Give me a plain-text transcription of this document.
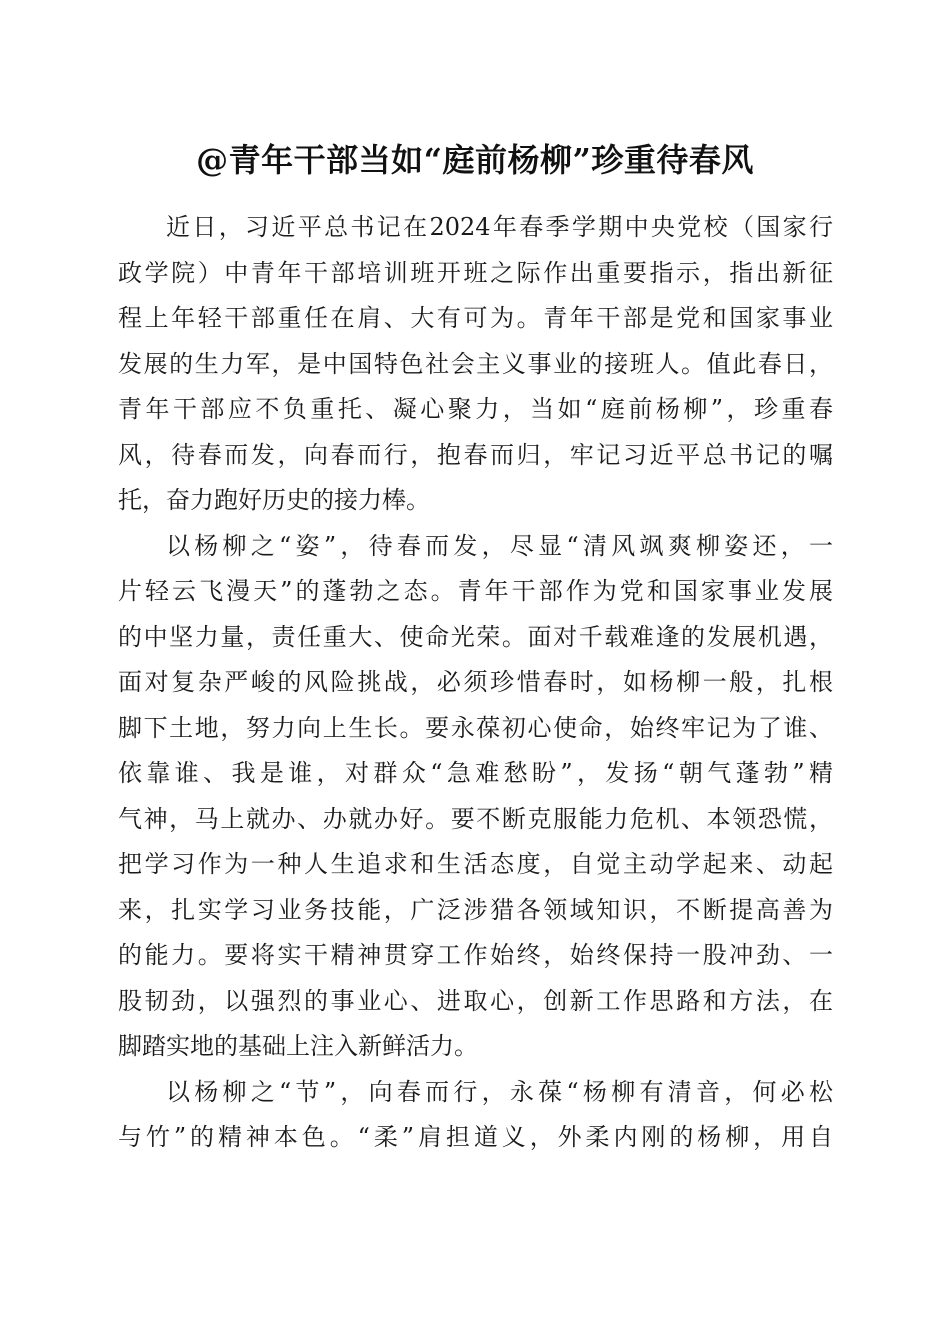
@青年干部当如“庭前杨柳”珍重待春风
近日，习近平总书记在2024年春季学期中央党校（国家行
政学院）中青年干部培训班开班之际作出重要指示，指出新征
程上年轻干部重任在肩、大有可为。青年干部是党和国家事业
发展的生力军，是中国特色社会主义事业的接班人。值此春日，
青年干部应不负重托、凝心聚力，当如“庭前杨柳”，珍重春
风，待春而发，向春而行，抱春而归，牢记习近平总书记的嘱
托，奋力跑好历史的接力棒。
以杨柳之“姿”，待春而发，尽显“清风飒爽柳姿还，一
片轻云飞漫天”的蓬勃之态。青年干部作为党和国家事业发展
的中坚力量，责任重大、使命光荣。面对千载难逢的发展机遇，
面对复杂严峻的风险挑战，必须珍惜春时，如杨柳一般，扎根
脚下土地，努力向上生长。要永葆初心使命，始终牢记为了谁、
依靠谁、我是谁，对群众“急难愁盼”，发扬“朝气蓬勃”精
气神，马上就办、办就办好。要不断克服能力危机、本领恐慌，
把学习作为一种人生追求和生活态度，自觉主动学起来、动起
来，扎实学习业务技能，广泛涉猎各领域知识，不断提高善为
的能力。要将实干精神贯穿工作始终，始终保持一股冲劲、一
股韧劲，以强烈的事业心、进取心，创新工作思路和方法，在
脚踏实地的基础上注入新鲜活力。
以杨柳之“节”，向春而行，永葆“杨柳有清音，何必松
与竹”的精神本色。“柔”肩担道义，外柔内刚的杨柳，用自
